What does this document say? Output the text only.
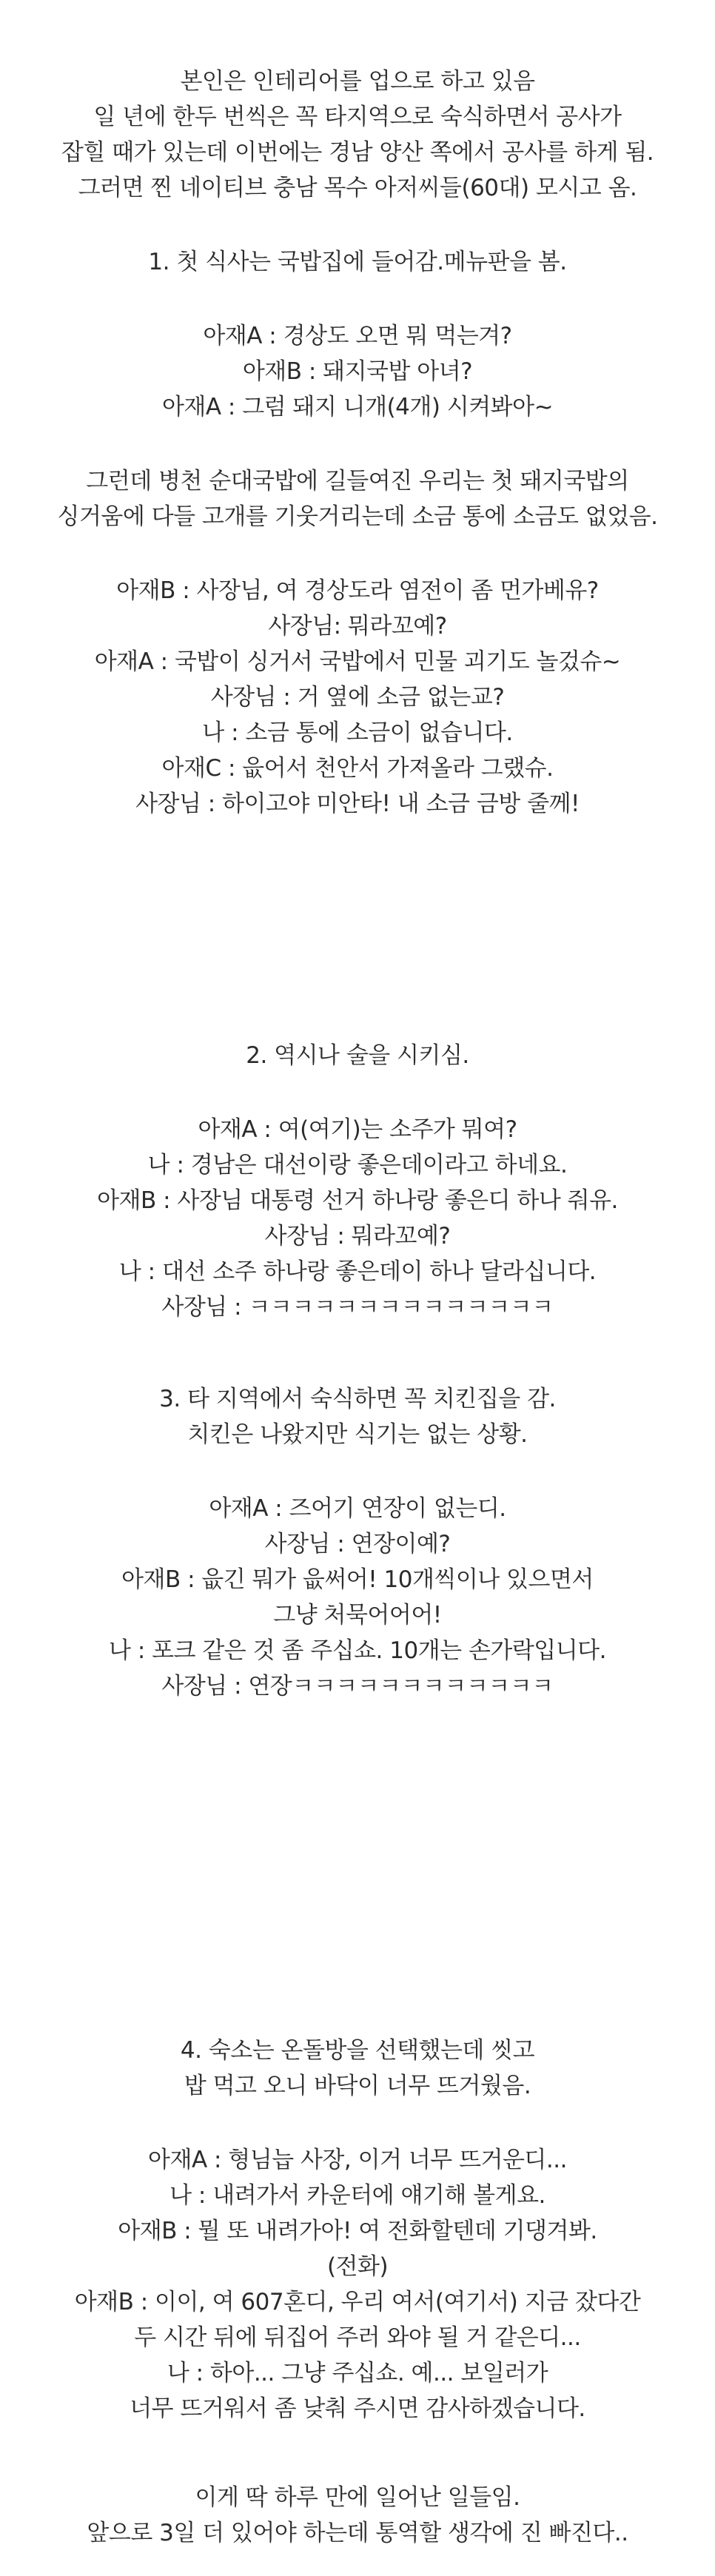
본인은 인테리어를 업으로 하고 있음
일 년에 한두 번씩은 꼭 타지역으로 숙식하면서 공사가
잡힐 때가 있는데 이번에는 경남 양산 쪽에서 공사를 하게 됨.
그러면 찐 네이티브 충남 목수 아저씨들(60대) 모시고 옴.
1. 첫 식사는 국밥집에 들어감.메뉴판을 봄.
아재A : 경상도 오면 뭐 먹는겨?
아재B : 돼지국밥 아녀?
아재A : 그럼 돼지 니개(4개) 시켜봐아~
그런데 병천 순대국밥에 길들여진 우리는 첫 돼지국밥의
싱거움에 다들 고개를 기웃거리는데 소금 통에 소금도 없었음.
아재B : 사장님, 여 경상도라 염전이 좀 먼가베유?
사장님: 뭐라꼬예?
아재A : 국밥이 싱거서 국밥에서 민물 괴기도 놀겄슈~
사장님 : 거 옆에 소금 없는교?
나 : 소금 통에 소금이 없습니다.
아재C : 읎어서 천안서 가져올라 그랬슈.
사장님 : 하이고야 미안타! 내 소금 금방 줄께!
2. 역시나 술을 시키심.
아재A : 여(여기)는 소주가 뭐여?
나 : 경남은 대선이랑 좋은데이라고 하네요.
아재B : 사장님 대통령 선거 하나랑 좋은디 하나 줘유.
사장님 : 뭐라꼬예?
나 : 대선 소주 하나랑 좋은데이 하나 달라십니다.
사장님 : ㅋㅋㅋㅋㅋㅋㅋㅋㅋㅋㅋㅋㅋㅋ
3. 타 지역에서 숙식하면 꼭 치킨집을 감.
치킨은 나왔지만 식기는 없는 상황.
아재A : 즈어기 연장이 없는디.
사장님 : 연장이예?
아재B : 읎긴 뭐가 읎써어! 10개씩이나 있으면서
그냥 처묵어어어!
나 : 포크 같은 것 좀 주십쇼. 10개는 손가락입니다.
사장님 : 연장ㅋㅋㅋㅋㅋㅋㅋㅋㅋㅋㅋㅋ
4. 숙소는 온돌방을 선택했는데 씻고
밥 먹고 오니 바닥이 너무 뜨거웠음.
아재A : 형님늡 사장, 이거 너무 뜨거운디...
나 : 내려가서 카운터에 얘기해 볼게요.
아재B : 뭘 또 내려가아! 여 전화할텐데 기댕겨봐.
(전화)
아재B : 이이, 여 607혼디, 우리 여서(여기서) 지금 잤다간
두 시간 뒤에 뒤집어 주러 와야 될 거 같은디...
나 : 하아... 그냥 주십쇼. 예... 보일러가
너무 뜨거워서 좀 낮춰 주시면 감사하겠습니다.
이게 딱 하루 만에 일어난 일들임.
앞으로 3일 더 있어야 하는데 통역할 생각에 진 빠진다..
